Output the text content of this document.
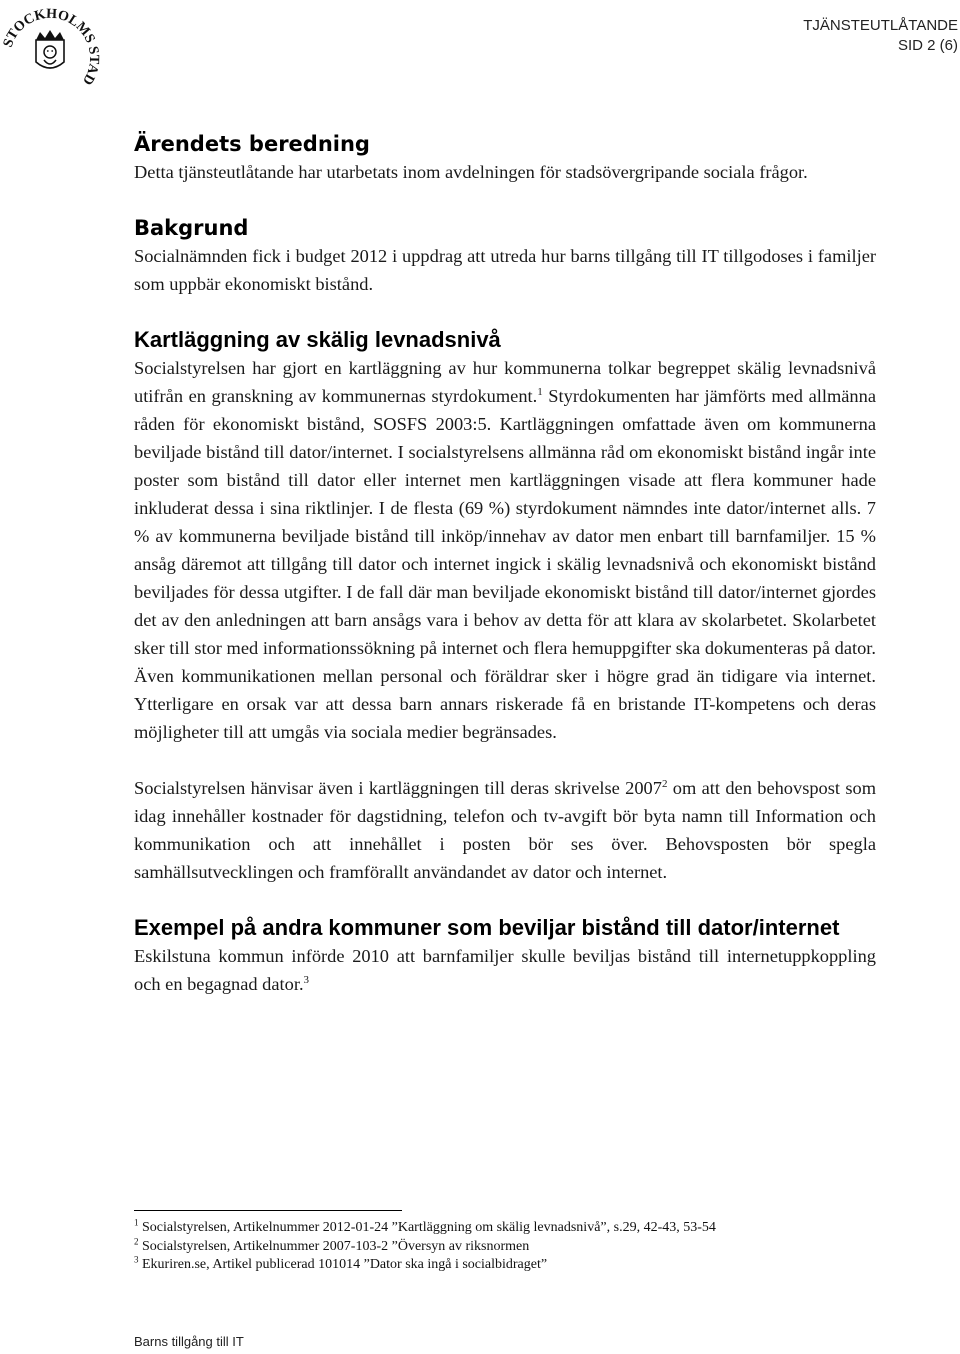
STOCKHOLMS STAD
TJÄNSTEUTLÅTANDE
SID 2 (6)
Ärendets beredning

Detta tjänsteutlåtande har utarbetats inom avdelningen för stadsövergripande sociala frågor.

Bakgrund

Socialnämnden fick i budget 2012 i uppdrag att utreda hur barns tillgång till IT tillgodoses i familjer som uppbär ekonomiskt bistånd.

Kartläggning av skälig levnadsnivå

Socialstyrelsen har gjort en kartläggning av hur kommunerna tolkar begreppet skälig levnadsnivå utifrån en granskning av kommunernas styrdokument.$^1$ Styrdokumenten har jämförts med allmänna råden för ekonomiskt bistånd, SOSFS 2003:5. Kartläggningen omfattade även om kommunerna beviljade bistånd till dator/internet. I socialstyrelsens allmänna råd om ekonomiskt bistånd ingår inte poster som bistånd till dator eller internet men kartläggningen visade att flera kommuner hade inkluderat dessa i sina riktlinjer. I de flesta (69 %) styrdokument nämndes inte dator/internet alls. 7 % av kommunerna beviljade bistånd till inköp/innehav av dator men enbart till barnfamiljer. 15 % ansåg däremot att tillgång till dator och internet ingick i skälig levnadsnivå och ekonomiskt bistånd beviljades för dessa utgifter. I de fall där man beviljade ekonomiskt bistånd till dator/internet gjordes det av den anledningen att barn ansågs vara i behov av detta för att klara av skolarbetet. Skolarbetet sker till stor med informationssökning på internet och flera hemuppgifter ska dokumenteras på dator. Även kommunikationen mellan personal och föräldrar sker i högre grad än tidigare via internet. Ytterligare en orsak var att dessa barn annars riskerade få en bristande IT-kompetens och deras möjligheter till att umgås via sociala medier begränsades.

Socialstyrelsen hänvisar även i kartläggningen till deras skrivelse 2007$^2$ om att den behovspost som idag innehåller kostnader för dagstidning, telefon och tv-avgift bör byta namn till Information och kommunikation och att innehållet i posten bör ses över. Behovsposten bör spegla samhällsutvecklingen och framförallt användandet av dator och internet.

Exempel på andra kommuner som beviljar bistånd till dator/internet

Eskilstuna kommun införde 2010 att barnfamiljer skulle beviljas bistånd till internetuppkoppling och en begagnad dator.$^3$

$^1$ Socialstyrelsen, Artikelnummer 2012-01-24 ”Kartläggning om skälig levnadsnivå”, s.29, 42-43, 53-54
$^2$ Socialstyrelsen, Artikelnummer 2007-103-2 ”Översyn av riksnormen
$^3$ Ekuriren.se, Artikel publicerad 101014 ”Dator ska ingå i socialbidraget”
Barns tillgång till IT
